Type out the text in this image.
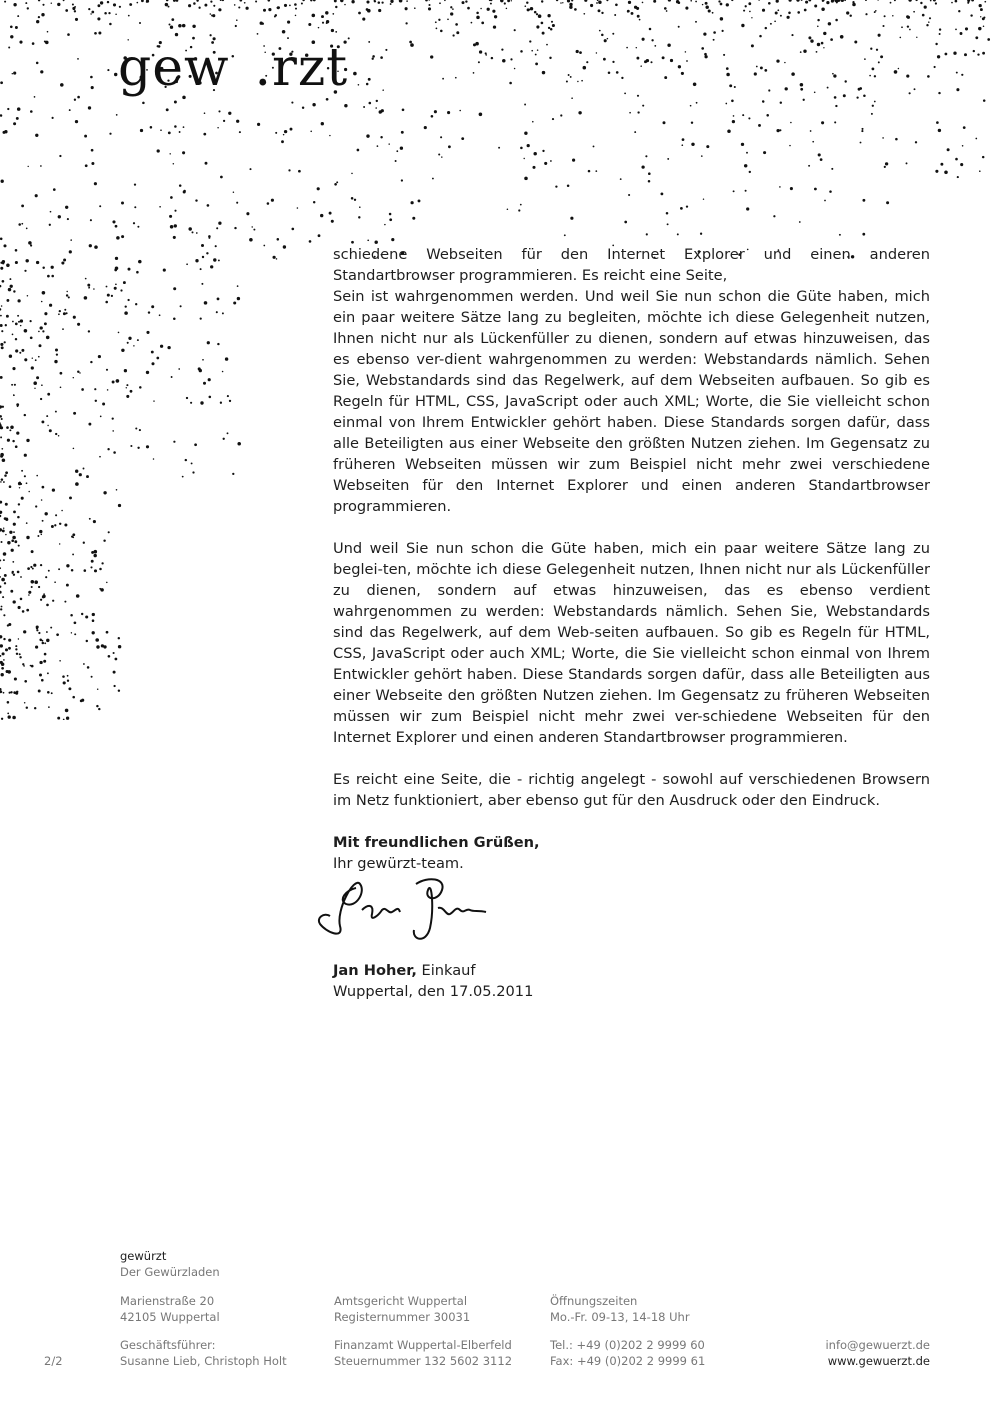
gew· .rzt

schiedene Webseiten für den Internet Explorer und einen anderen Standartbrowser programmieren. Es reicht eine Seite,
Sein ist wahrgenommen werden. Und weil Sie nun schon die Güte haben, mich ein paar weitere Sätze lang zu begleiten, möchte ich diese Gelegenheit nutzen, Ihnen nicht nur als Lückenfüller zu dienen, sondern auf etwas hinzuweisen, das es ebenso ver-dient wahrgenommen zu werden: Webstandards nämlich. Sehen Sie, Webstandards sind das Regelwerk, auf dem Webseiten aufbauen. So gib es Regeln für HTML, CSS, JavaScript oder auch XML; Worte, die Sie vielleicht schon einmal von Ihrem Entwickler gehört haben. Diese Standards sorgen dafür, dass alle Beteiligten aus einer Webseite den größten Nutzen ziehen. Im Gegensatz zu früheren Webseiten müssen wir zum Beispiel nicht mehr zwei verschiedene Webseiten für den Internet Explorer und einen anderen Standartbrowser programmieren.

Und weil Sie nun schon die Güte haben, mich ein paar weitere Sätze lang zu beglei-ten, möchte ich diese Gelegenheit nutzen, Ihnen nicht nur als Lückenfüller zu dienen, sondern auf etwas hinzuweisen, das es ebenso verdient wahrgenommen zu werden: Webstandards nämlich. Sehen Sie, Webstandards sind das Regelwerk, auf dem Web-seiten aufbauen. So gib es Regeln für HTML, CSS, JavaScript oder auch XML; Worte, die Sie vielleicht schon einmal von Ihrem Entwickler gehört haben. Diese Standards sorgen dafür, dass alle Beteiligten aus einer Webseite den größten Nutzen ziehen. Im Gegensatz zu früheren Webseiten müssen wir zum Beispiel nicht mehr zwei ver-schiedene Webseiten für den Internet Explorer und einen anderen Standartbrowser programmieren.

Es reicht eine Seite, die - richtig angelegt - sowohl auf verschiedenen Browsern im Netz funktioniert, aber ebenso gut für den Ausdruck oder den Eindruck.

Mit freundlichen Grüßen,
Ihr gewürzt-team.
Jan Hoher, Einkauf
Wuppertal, den 17.05.2011
gewürzt
Der Gewürzladen
Marienstraße 20
42105 Wuppertal
Geschäftsführer:
Susanne Lieb, Christoph Holt
2/2
Amtsgericht Wuppertal
Registernummer 30031
Finanzamt Wuppertal-Elberfeld
Steuernummer 132 5602 3112
Öffnungszeiten
Mo.-Fr. 09-13, 14-18 Uhr
Tel.: +49 (0)202 2 9999 60
Fax: +49 (0)202 2 9999 61
info@gewuerzt.de
www.gewuerzt.de
